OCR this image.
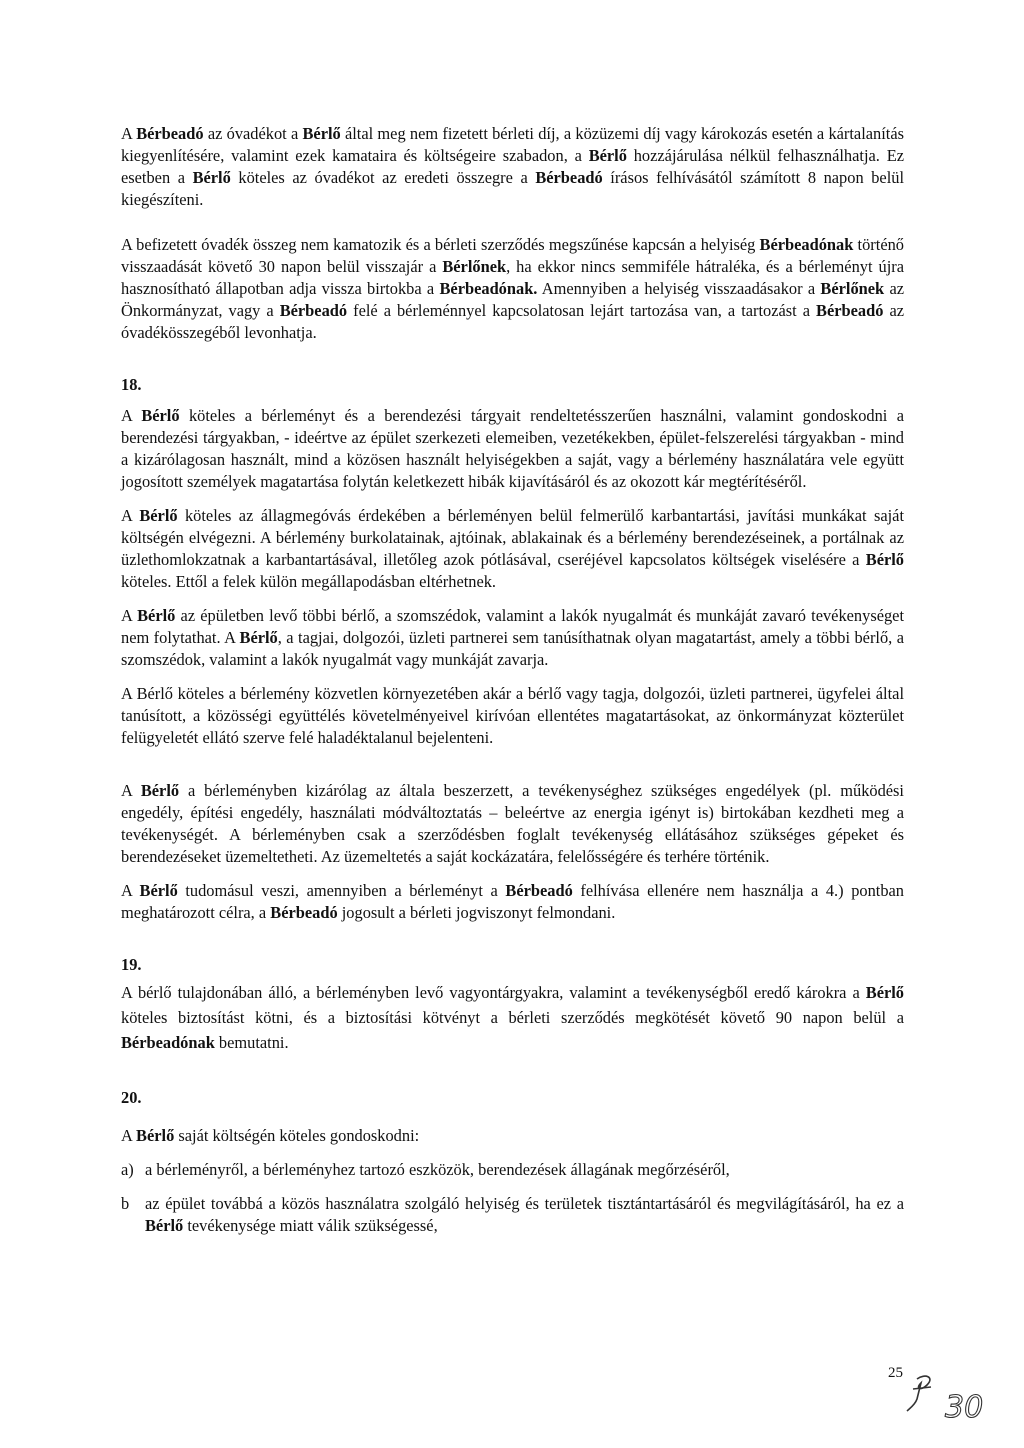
A Bérbeadó az óvadékot a Bérlő által meg nem fizetett bérleti díj, a közüzemi díj vagy károkozás esetén a kártalanítás kiegyenlítésére, valamint ezek kamataira és költségeire szabadon, a Bérlő hozzájárulása nélkül felhasználhatja. Ez esetben a Bérlő köteles az óvadékot az eredeti összegre a Bérbeadó írásos felhívásától számított 8 napon belül kiegészíteni.

A befizetett óvadék összeg nem kamatozik és a bérleti szerződés megszűnése kapcsán a helyiség Bérbeadónak történő visszaadását követő 30 napon belül visszajár a Bérlőnek, ha ekkor nincs semmiféle hátraléka, és a bérleményt újra hasznosítható állapotban adja vissza birtokba a Bérbeadónak. Amennyiben a helyiség visszaadásakor a Bérlőnek az Önkormányzat, vagy a Bérbeadó felé a bérleménnyel kapcsolatosan lejárt tartozása van, a tartozást a Bérbeadó az óvadékösszegéből levonhatja.

18.

A Bérlő köteles a bérleményt és a berendezési tárgyait rendeltetésszerűen használni, valamint gondoskodni a berendezési tárgyakban, - ideértve az épület szerkezeti elemeiben, vezetékekben, épület-felszerelési tárgyakban - mind a kizárólagosan használt, mind a közösen használt helyiségekben a saját, vagy a bérlemény használatára vele együtt jogosított személyek magatartása folytán keletkezett hibák kijavításáról és az okozott kár megtérítéséről.

A Bérlő köteles az állagmegóvás érdekében a bérleményen belül felmerülő karbantartási, javítási munkákat saját költségén elvégezni. A bérlemény burkolatainak, ajtóinak, ablakainak és a bérlemény berendezéseinek, a portálnak az üzlethomlokzatnak a karbantartásával, illetőleg azok pótlásával, cseréjével kapcsolatos költségek viselésére a Bérlő köteles. Ettől a felek külön megállapodásban eltérhetnek.

A Bérlő az épületben levő többi bérlő, a szomszédok, valamint a lakók nyugalmát és munkáját zavaró tevékenységet nem folytathat. A Bérlő, a tagjai, dolgozói, üzleti partnerei sem tanúsíthatnak olyan magatartást, amely a többi bérlő, a szomszédok, valamint a lakók nyugalmát vagy munkáját zavarja.

A Bérlő köteles a bérlemény közvetlen környezetében akár a bérlő vagy tagja, dolgozói, üzleti partnerei, ügyfelei által tanúsított, a közösségi együttélés követelményeivel kirívóan ellentétes magatartásokat, az önkormányzat közterület felügyeletét ellátó szerve felé haladéktalanul bejelenteni.

A Bérlő a bérleményben kizárólag az általa beszerzett, a tevékenységhez szükséges engedélyek (pl. működési engedély, építési engedély, használati módváltoztatás – beleértve az energia igényt is) birtokában kezdheti meg a tevékenységét. A bérleményben csak a szerződésben foglalt tevékenység ellátásához szükséges gépeket és berendezéseket üzemeltetheti. Az üzemeltetés a saját kockázatára, felelősségére és terhére történik.

A Bérlő tudomásul veszi, amennyiben a bérleményt a Bérbeadó felhívása ellenére nem használja a 4.) pontban meghatározott célra, a Bérbeadó jogosult a bérleti jogviszonyt felmondani.

19.

A bérlő tulajdonában álló, a bérleményben levő vagyontárgyakra, valamint a tevékenységből eredő károkra a Bérlő köteles biztosítást kötni, és a biztosítási kötvényt a bérleti szerződés megkötését követő 90 napon belül a Bérbeadónak bemutatni.

20.

A Bérlő saját költségén köteles gondoskodni:

a) a bérleményről, a bérleményhez tartozó eszközök, berendezések állagának megőrzéséről,
b az épület továbbá a közös használatra szolgáló helyiség és területek tisztántartásáról és megvilágításáról, ha ez a Bérlő tevékenysége miatt válik szükségessé,
25
30
